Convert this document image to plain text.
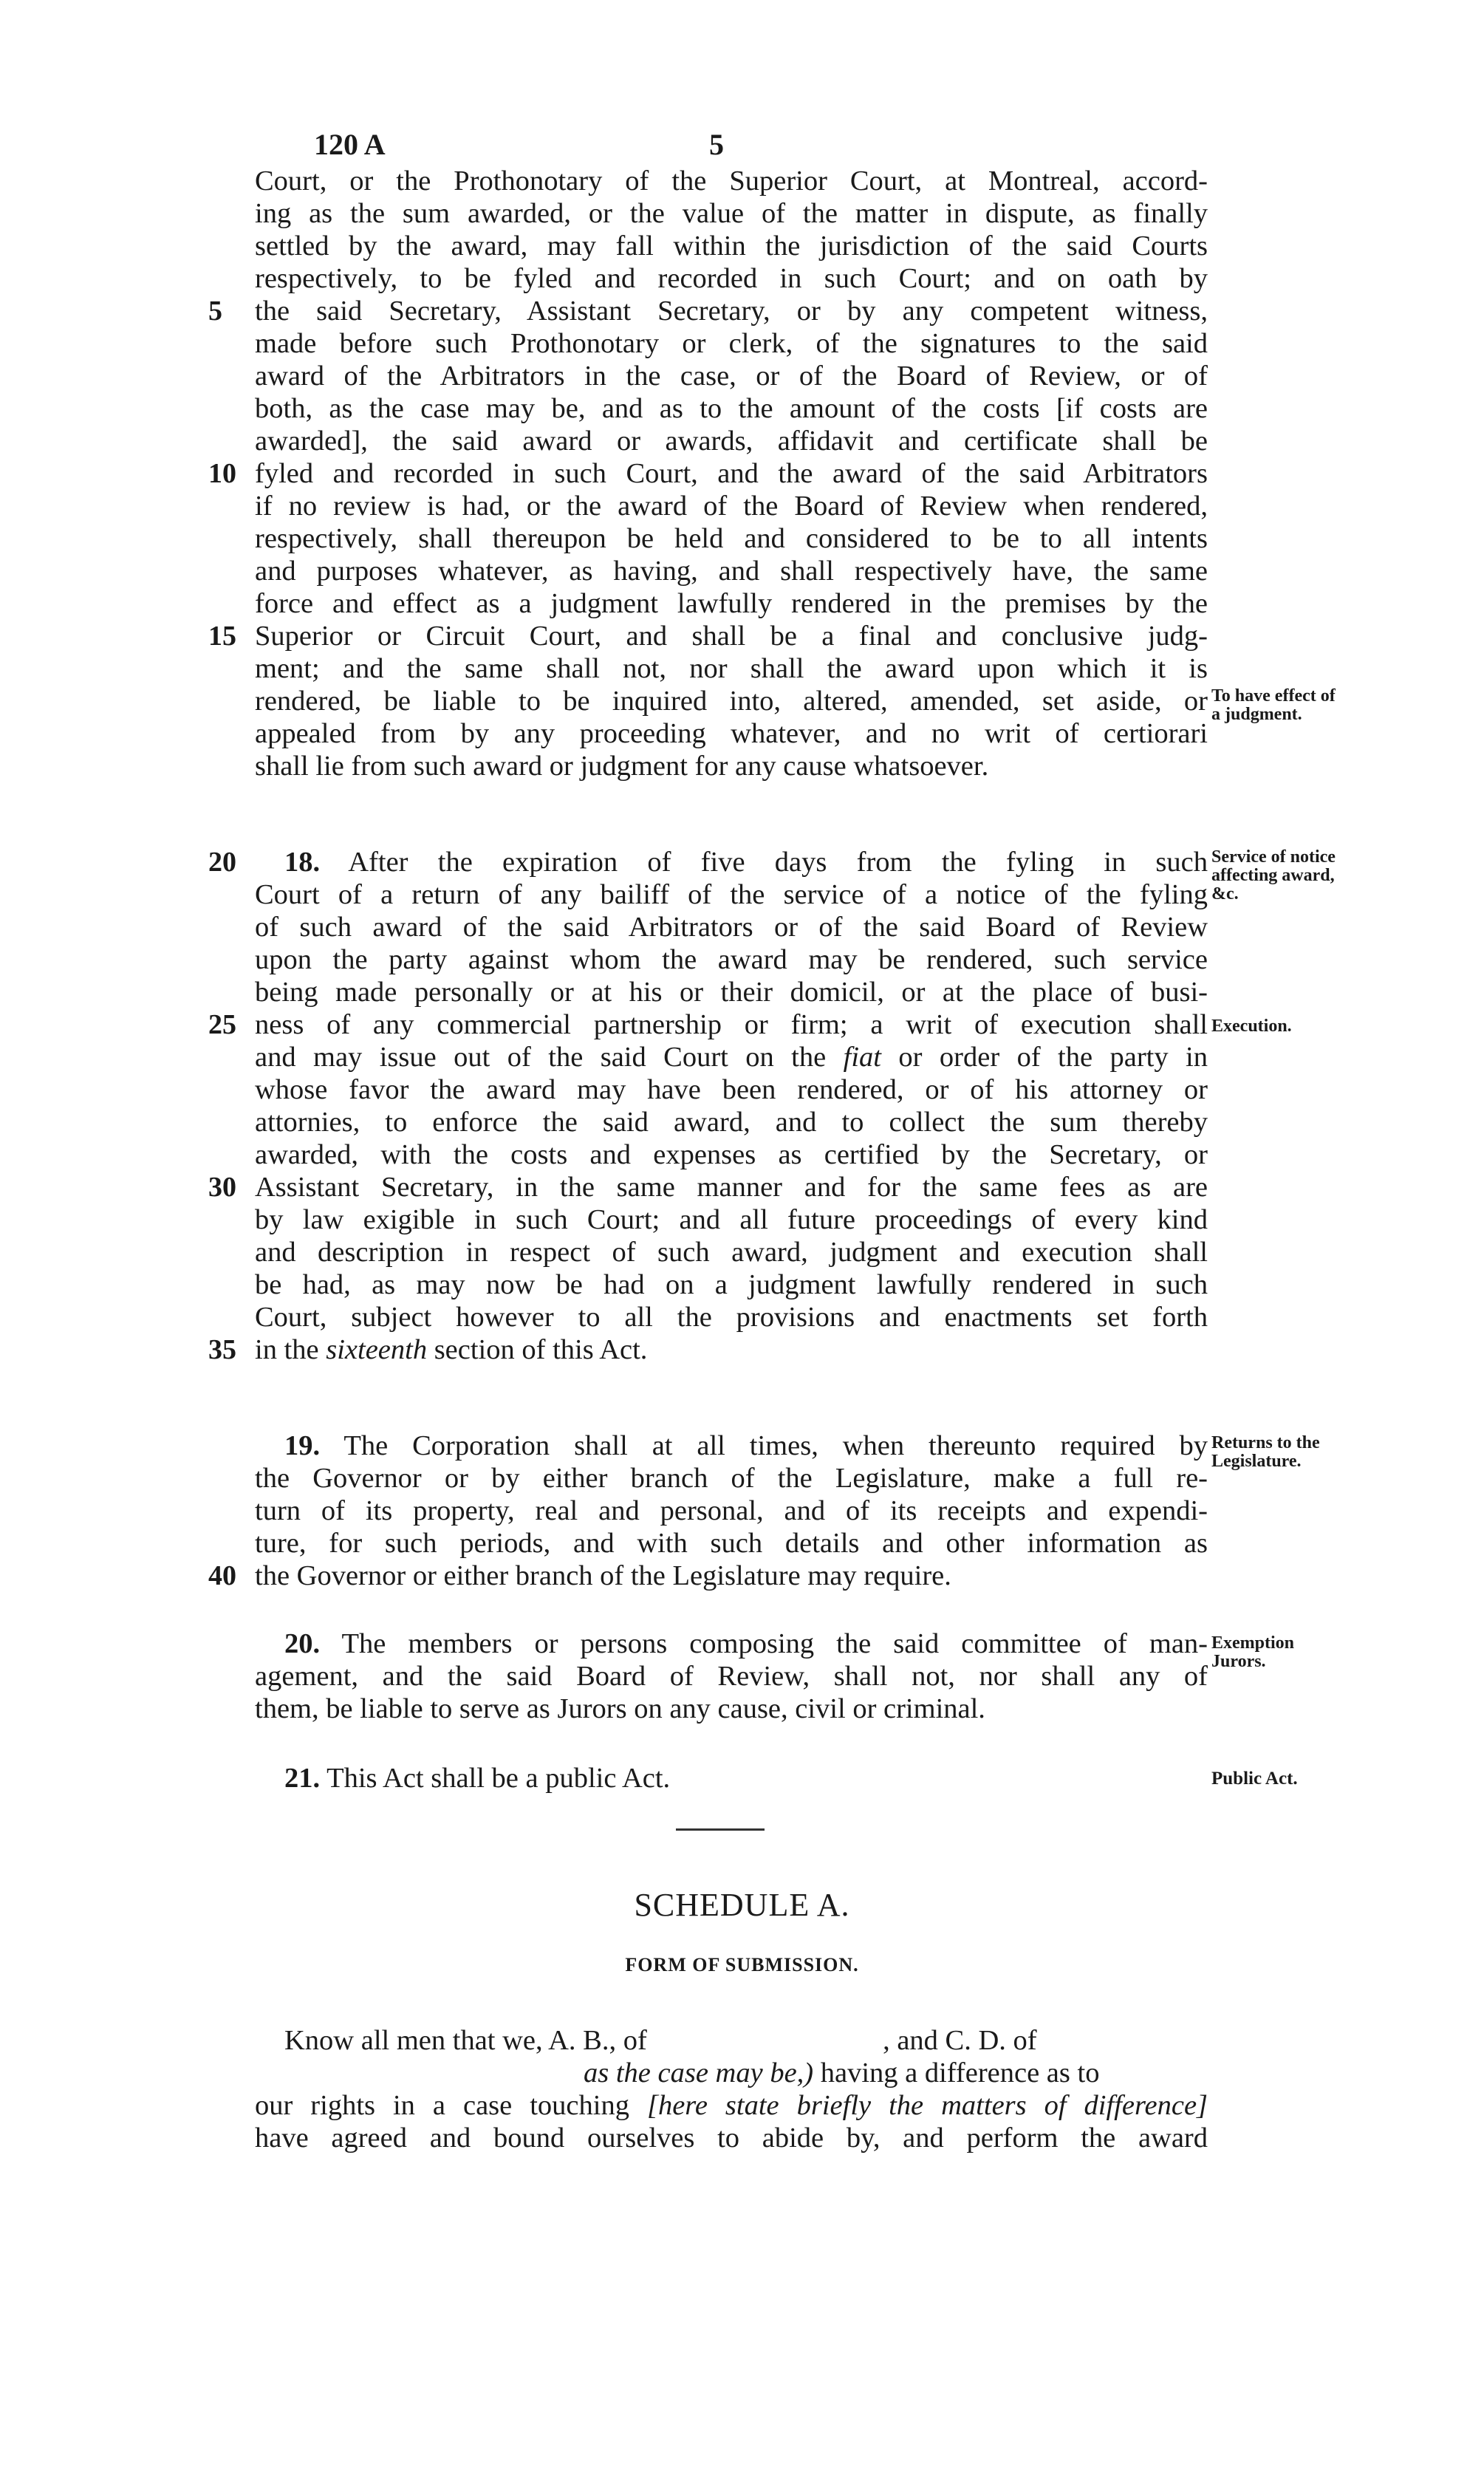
120 A	5
Court, or the Prothonotary of the Superior Court, at Montreal, accord-
ing as the sum awarded, or the value of the matter in dispute, as finally
settled by the award, may fall within the jurisdiction of the said Courts
respectively, to be fyled and recorded in such Court; and on oath by
5 the said Secretary, Assistant Secretary, or by any competent witness,
made before such Prothonotary or clerk, of the signatures to the said
award of the Arbitrators in the case, or of the Board of Review, or of
both, as the case may be, and as to the amount of the costs [if costs are
awarded], the said award or awards, affidavit and certificate shall be
10 fyled and recorded in such Court, and the award of the said Arbitrators
if no review is had, or the award of the Board of Review when rendered,
respectively, shall thereupon be held and considered to be to all intents
and purposes whatever, as having, and shall respectively have, the same
force and effect as a judgment lawfully rendered in the premises by the
15 Superior or Circuit Court, and shall be a final and conclusive judg-
ment; and the same shall not, nor shall the award upon which it is
rendered, be liable to be inquired into, altered, amended, set aside, or
appealed from by any proceeding whatever, and no writ of certiorari
shall lie from such award or judgment for any cause whatsoever.
To have effect of a judgment.
20 18. After the expiration of five days from the fyling in such
Court of a return of any bailiff of the service of a notice of the fyling
of such award of the said Arbitrators or of the said Board of Review
upon the party against whom the award may be rendered, such service
being made personally or at his or their domicil, or at the place of busi-
25 ness of any commercial partnership or firm; a writ of execution shall
and may issue out of the said Court on the fiat or order of the party in
whose favor the award may have been rendered, or of his attorney or
attornies, to enforce the said award, and to collect the sum thereby
awarded, with the costs and expenses as certified by the Secretary, or
30 Assistant Secretary, in the same manner and for the same fees as are
by law exigible in such Court; and all future proceedings of every kind
and description in respect of such award, judgment and execution shall
be had, as may now be had on a judgment lawfully rendered in such
Court, subject however to all the provisions and enactments set forth
35 in the sixteenth section of this Act.
Service of notice affecting award, &c.
Execution.
19. The Corporation shall at all times, when thereunto required by
the Governor or by either branch of the Legislature, make a full re-
turn of its property, real and personal, and of its receipts and expendi-
ture, for such periods, and with such details and other information as
40 the Governor or either branch of the Legislature may require.
Returns to the Legislature.
20. The members or persons composing the said committee of man-
agement, and the said Board of Review, shall not, nor shall any of
them, be liable to serve as Jurors on any cause, civil or criminal.
Exemption Jurors.
21. This Act shall be a public Act.	Public Act.
SCHEDULE A.
FORM OF SUBMISSION.
Know all men that we, A. B., of	, and C. D. of
as the case may be,) having a difference as to
our rights in a case touching [here state briefly the matters of difference]
have agreed and bound ourselves to abide by, and perform the award
